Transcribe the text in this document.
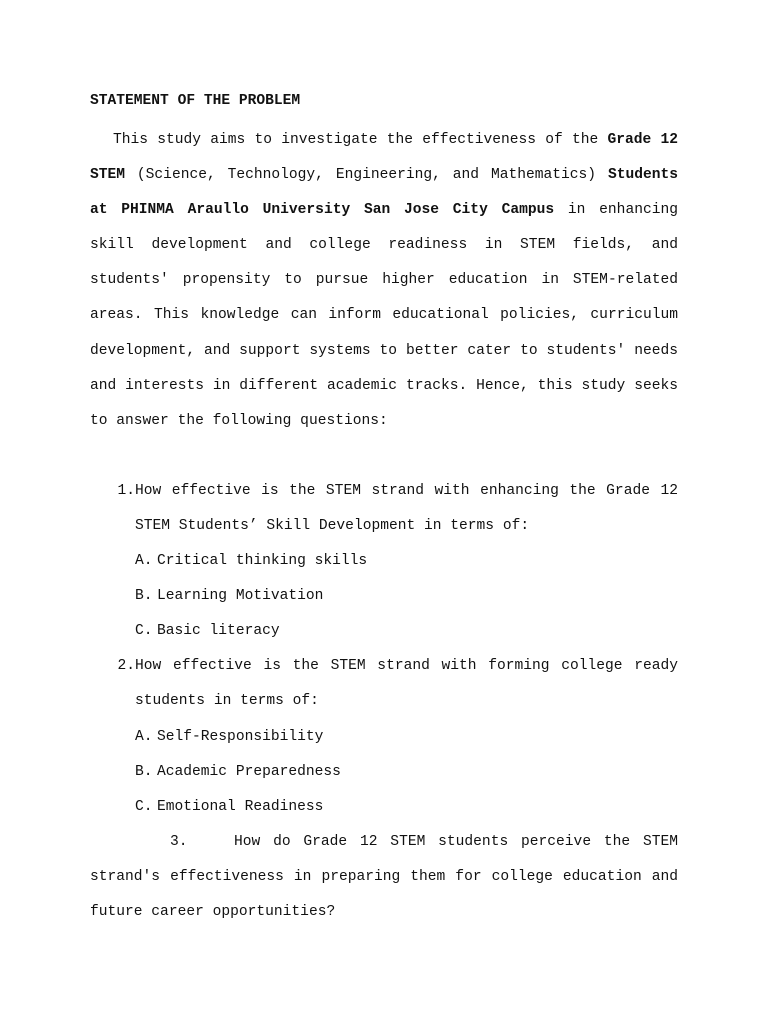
STATEMENT OF THE PROBLEM

This study aims to investigate the effectiveness of the Grade 12 STEM (Science, Technology, Engineering, and Mathematics) Students at PHINMA Araullo University San Jose City Campus in enhancing skill development and college readiness in STEM fields, and students' propensity to pursue higher education in STEM-related areas. This knowledge can inform educational policies, curriculum development, and support systems to better cater to students' needs and interests in different academic tracks. Hence, this study seeks to answer the following questions:

1. How effective is the STEM strand with enhancing the Grade 12 STEM Students’ Skill Development in terms of:
A. Critical thinking skills
B. Learning Motivation
C. Basic literacy
2. How effective is the STEM strand with forming college ready students in terms of:
A. Self-Responsibility
B. Academic Preparedness
C. Emotional Readiness

3.	How do Grade 12 STEM students perceive the STEM strand's effectiveness in preparing them for college education and future career opportunities?
